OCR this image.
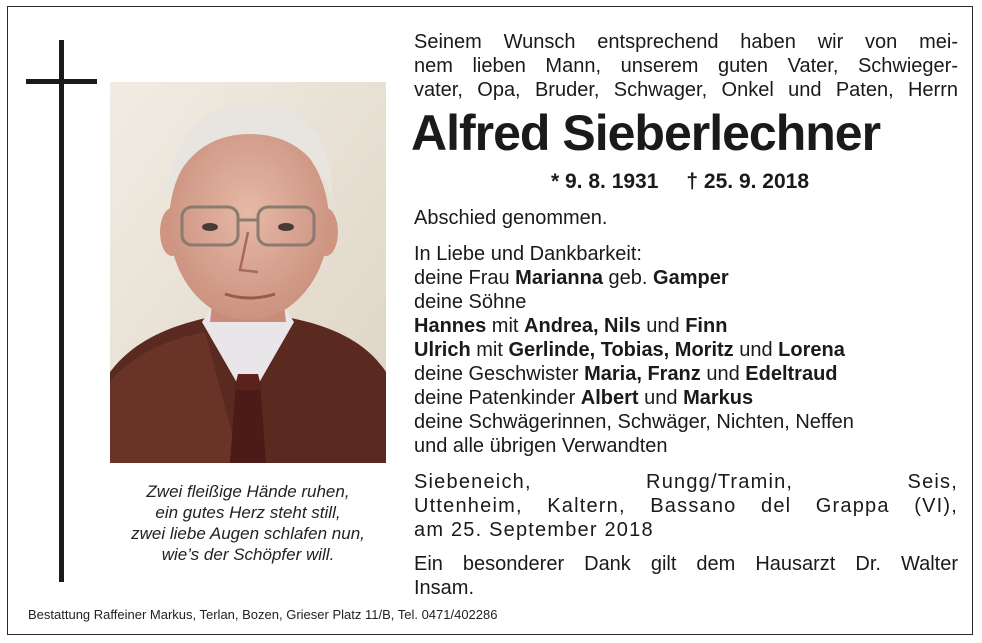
Zwei fleißige Hände ruhen,
ein gutes Herz steht still,
zwei liebe Augen schlafen nun,
wie’s der Schöpfer will.
Seinem Wunsch entsprechend haben wir von mei-
nem lieben Mann, unserem guten Vater, Schwieger-
vater, Opa, Bruder, Schwager, Onkel und Paten, Herrn
Alfred Sieberlechner
* 9. 8. 1931 † 25. 9. 2018
Abschied genommen.
In Liebe und Dankbarkeit:
deine Frau Marianna geb. Gamper
deine Söhne
Hannes mit Andrea, Nils und Finn
Ulrich mit Gerlinde, Tobias, Moritz und Lorena
deine Geschwister Maria, Franz und Edeltraud
deine Patenkinder Albert und Markus
deine Schwägerinnen, Schwäger, Nichten, Neffen
und alle übrigen Verwandten
Siebeneich, Rungg/Tramin, Seis,
Uttenheim, Kaltern, Bassano del Grappa (VI),
am 25. September 2018
Ein besonderer Dank gilt dem Hausarzt Dr. Walter
Insam.
Bestattung Raffeiner Markus, Terlan, Bozen, Grieser Platz 11/B, Tel. 0471/402286
